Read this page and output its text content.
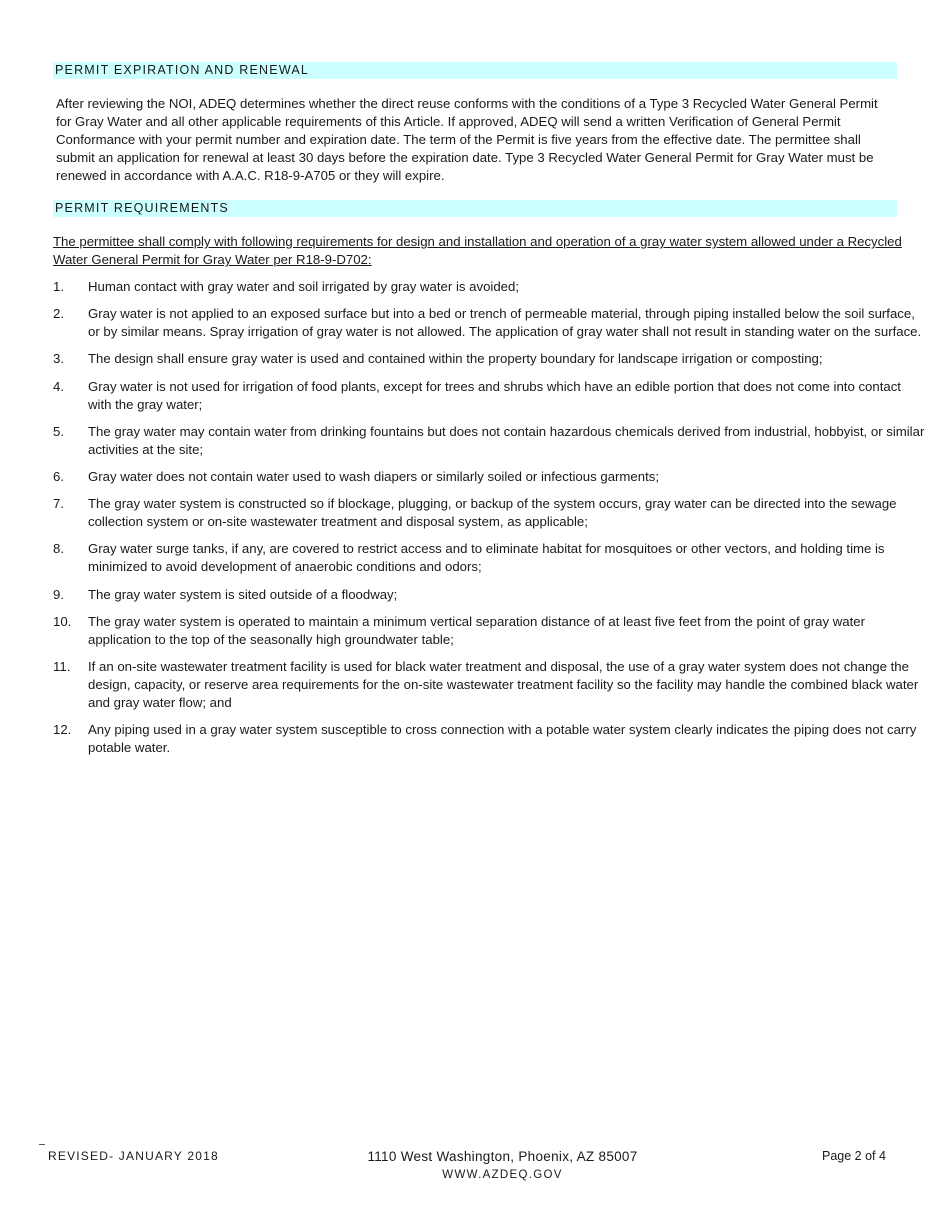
PERMIT EXPIRATION AND RENEWAL

After reviewing the NOI, ADEQ determines whether the direct reuse conforms with the conditions of a Type 3 Recycled Water General Permit for Gray Water and all other applicable requirements of this Article. If approved, ADEQ will send a written Verification of General Permit Conformance with your permit number and expiration date. The term of the Permit is five years from the effective date. The permittee shall submit an application for renewal at least 30 days before the expiration date. Type 3 Recycled Water General Permit for Gray Water must be renewed in accordance with A.A.C. R18-9-A705 or they will expire.

PERMIT REQUIREMENTS

The permittee shall comply with following requirements for design and installation and operation of a gray water system allowed under a Recycled Water General Permit for Gray Water per R18-9-D702:

1. Human contact with gray water and soil irrigated by gray water is avoided;
2. Gray water is not applied to an exposed surface but into a bed or trench of permeable material, through piping installed below the soil surface, or by similar means. Spray irrigation of gray water is not allowed. The application of gray water shall not result in standing water on the surface.
3. The design shall ensure gray water is used and contained within the property boundary for landscape irrigation or composting;
4. Gray water is not used for irrigation of food plants, except for trees and shrubs which have an edible portion that does not come into contact with the gray water;
5. The gray water may contain water from drinking fountains but does not contain hazardous chemicals derived from industrial, hobbyist, or similar activities at the site;
6. Gray water does not contain water used to wash diapers or similarly soiled or infectious garments;
7. The gray water system is constructed so if blockage, plugging, or backup of the system occurs, gray water can be directed into the sewage collection system or on-site wastewater treatment and disposal system, as applicable;
8. Gray water surge tanks, if any, are covered to restrict access and to eliminate habitat for mosquitoes or other vectors, and holding time is minimized to avoid development of anaerobic conditions and odors;
9. The gray water system is sited outside of a floodway;
10. The gray water system is operated to maintain a minimum vertical separation distance of at least five feet from the point of gray water application to the top of the seasonally high groundwater table;
11. If an on-site wastewater treatment facility is used for black water treatment and disposal, the use of a gray water system does not change the design, capacity, or reserve area requirements for the on-site wastewater treatment facility so the facility may handle the combined black water and gray water flow; and
12. Any piping used in a gray water system susceptible to cross connection with a potable water system clearly indicates the piping does not carry potable water.
REVISED- JANUARY 2018	1110 West Washington, Phoenix, AZ 85007
WWW.AZDEQ.GOV
Page 2 of 4
